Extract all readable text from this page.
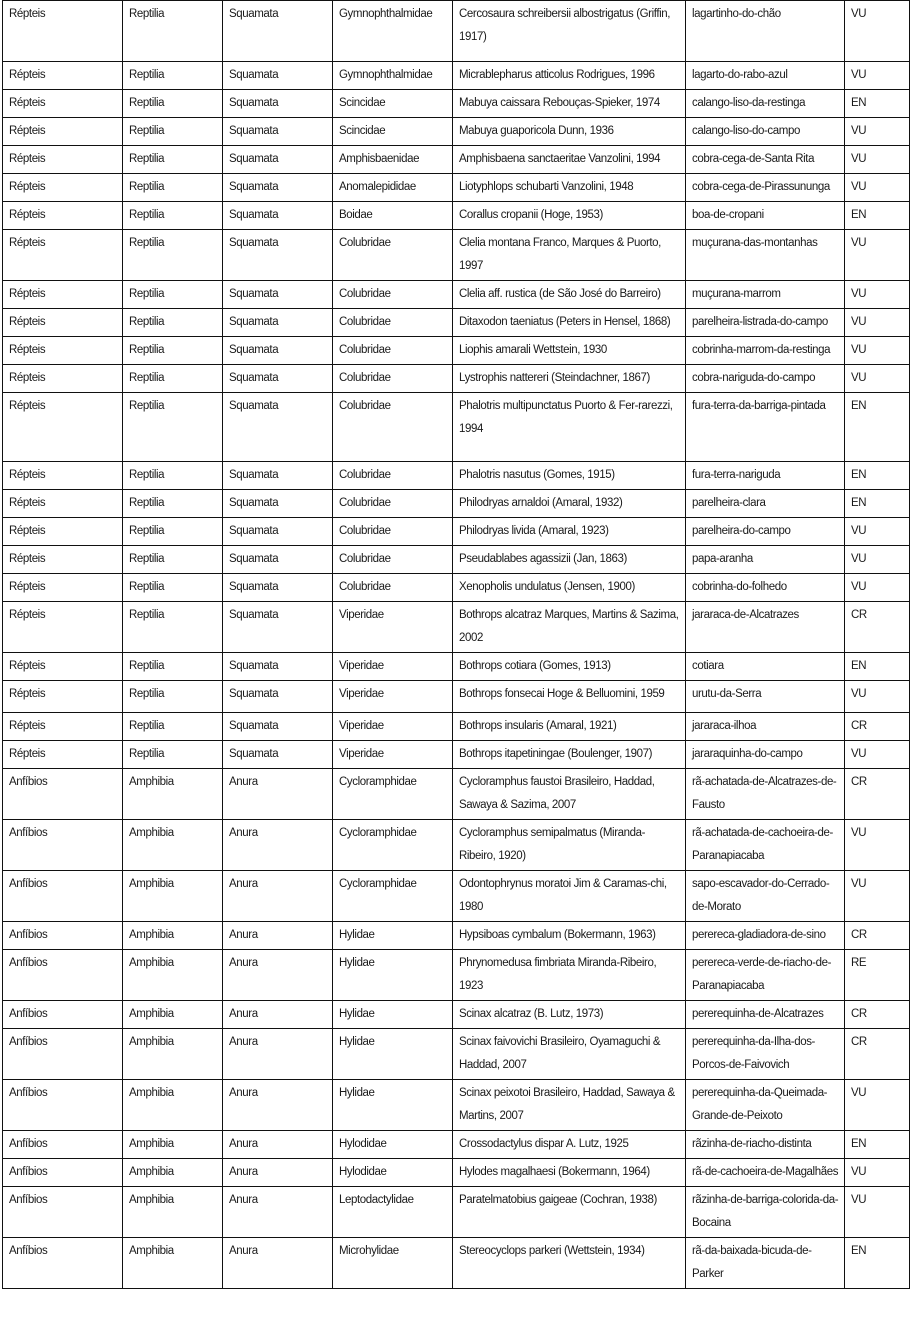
Répteis	Reptilia	Squamata	Gymnophthalmidae	Cercosaura schreibersii albostrigatus (Griffin, 1917)	lagartinho-do-chão	VU
Répteis	Reptilia	Squamata	Gymnophthalmidae	Micrablepharus atticolus Rodrigues, 1996	lagarto-do-rabo-azul	VU
Répteis	Reptilia	Squamata	Scincidae	Mabuya caissara Rebouças-Spieker, 1974	calango-liso-da-restinga	EN
Répteis	Reptilia	Squamata	Scincidae	Mabuya guaporicola Dunn, 1936	calango-liso-do-campo	VU
Répteis	Reptilia	Squamata	Amphisbaenidae	Amphisbaena sanctaeritae Vanzolini, 1994	cobra-cega-de-Santa Rita	VU
Répteis	Reptilia	Squamata	Anomalepididae	Liotyphlops schubarti Vanzolini, 1948	cobra-cega-de-Pirassununga	VU
Répteis	Reptilia	Squamata	Boidae	Corallus cropanii (Hoge, 1953)	boa-de-cropani	EN
Répteis	Reptilia	Squamata	Colubridae	Clelia montana Franco, Marques & Puorto, 1997	muçurana-das-montanhas	VU
Répteis	Reptilia	Squamata	Colubridae	Clelia aff. rustica (de São José do Barreiro)	muçurana-marrom	VU
Répteis	Reptilia	Squamata	Colubridae	Ditaxodon taeniatus (Peters in Hensel, 1868)	parelheira-listrada-do-campo	VU
Répteis	Reptilia	Squamata	Colubridae	Liophis amarali Wettstein, 1930	cobrinha-marrom-da-restinga	VU
Répteis	Reptilia	Squamata	Colubridae	Lystrophis nattereri (Steindachner, 1867)	cobra-nariguda-do-campo	VU
Répteis	Reptilia	Squamata	Colubridae	Phalotris multipunctatus Puorto & Fer-rarezzi, 1994	fura-terra-da-barriga-pintada	EN
Répteis	Reptilia	Squamata	Colubridae	Phalotris nasutus (Gomes, 1915)	fura-terra-nariguda	EN
Répteis	Reptilia	Squamata	Colubridae	Philodryas arnaldoi (Amaral, 1932)	parelheira-clara	EN
Répteis	Reptilia	Squamata	Colubridae	Philodryas livida (Amaral, 1923)	parelheira-do-campo	VU
Répteis	Reptilia	Squamata	Colubridae	Pseudablabes agassizii (Jan, 1863)	papa-aranha	VU
Répteis	Reptilia	Squamata	Colubridae	Xenopholis undulatus (Jensen, 1900)	cobrinha-do-folhedo	VU
Répteis	Reptilia	Squamata	Viperidae	Bothrops alcatraz Marques, Martins & Sazima, 2002	jararaca-de-Alcatrazes	CR
Répteis	Reptilia	Squamata	Viperidae	Bothrops cotiara (Gomes, 1913)	cotiara	EN
Répteis	Reptilia	Squamata	Viperidae	Bothrops fonsecai Hoge & Belluomini, 1959	urutu-da-Serra	VU
Répteis	Reptilia	Squamata	Viperidae	Bothrops insularis (Amaral, 1921)	jararaca-ilhoa	CR
Répteis	Reptilia	Squamata	Viperidae	Bothrops itapetiningae (Boulenger, 1907)	jararaquinha-do-campo	VU
Anfíbios	Amphibia	Anura	Cycloramphidae	Cycloramphus faustoi Brasileiro, Haddad, Sawaya & Sazima, 2007	rã-achatada-de-Alcatrazes-de-Fausto	CR
Anfíbios	Amphibia	Anura	Cycloramphidae	Cycloramphus semipalmatus (Miranda-Ribeiro, 1920)	rã-achatada-de-cachoeira-de-Paranapiacaba	VU
Anfíbios	Amphibia	Anura	Cycloramphidae	Odontophrynus moratoi Jim & Caramas-chi, 1980	sapo-escavador-do-Cerrado-de-Morato	VU
Anfíbios	Amphibia	Anura	Hylidae	Hypsiboas cymbalum (Bokermann, 1963)	perereca-gladiadora-de-sino	CR
Anfíbios	Amphibia	Anura	Hylidae	Phrynomedusa fimbriata Miranda-Ribeiro, 1923	perereca-verde-de-riacho-de-Paranapiacaba	RE
Anfíbios	Amphibia	Anura	Hylidae	Scinax alcatraz (B. Lutz, 1973)	pererequinha-de-Alcatrazes	CR
Anfíbios	Amphibia	Anura	Hylidae	Scinax faivovichi Brasileiro, Oyamaguchi & Haddad, 2007	pererequinha-da-Ilha-dos-Porcos-de-Faivovich	CR
Anfíbios	Amphibia	Anura	Hylidae	Scinax peixotoi Brasileiro, Haddad, Sawaya & Martins, 2007	pererequinha-da-Queimada-Grande-de-Peixoto	VU
Anfíbios	Amphibia	Anura	Hylodidae	Crossodactylus dispar A. Lutz, 1925	rãzinha-de-riacho-distinta	EN
Anfíbios	Amphibia	Anura	Hylodidae	Hylodes magalhaesi (Bokermann, 1964)	rã-de-cachoeira-de-Magalhães	VU
Anfíbios	Amphibia	Anura	Leptodactylidae	Paratelmatobius gaigeae (Cochran, 1938)	rãzinha-de-barriga-colorida-da-Bocaina	VU
Anfíbios	Amphibia	Anura	Microhylidae	Stereocyclops parkeri (Wettstein, 1934)	rã-da-baixada-bicuda-de-Parker	EN
